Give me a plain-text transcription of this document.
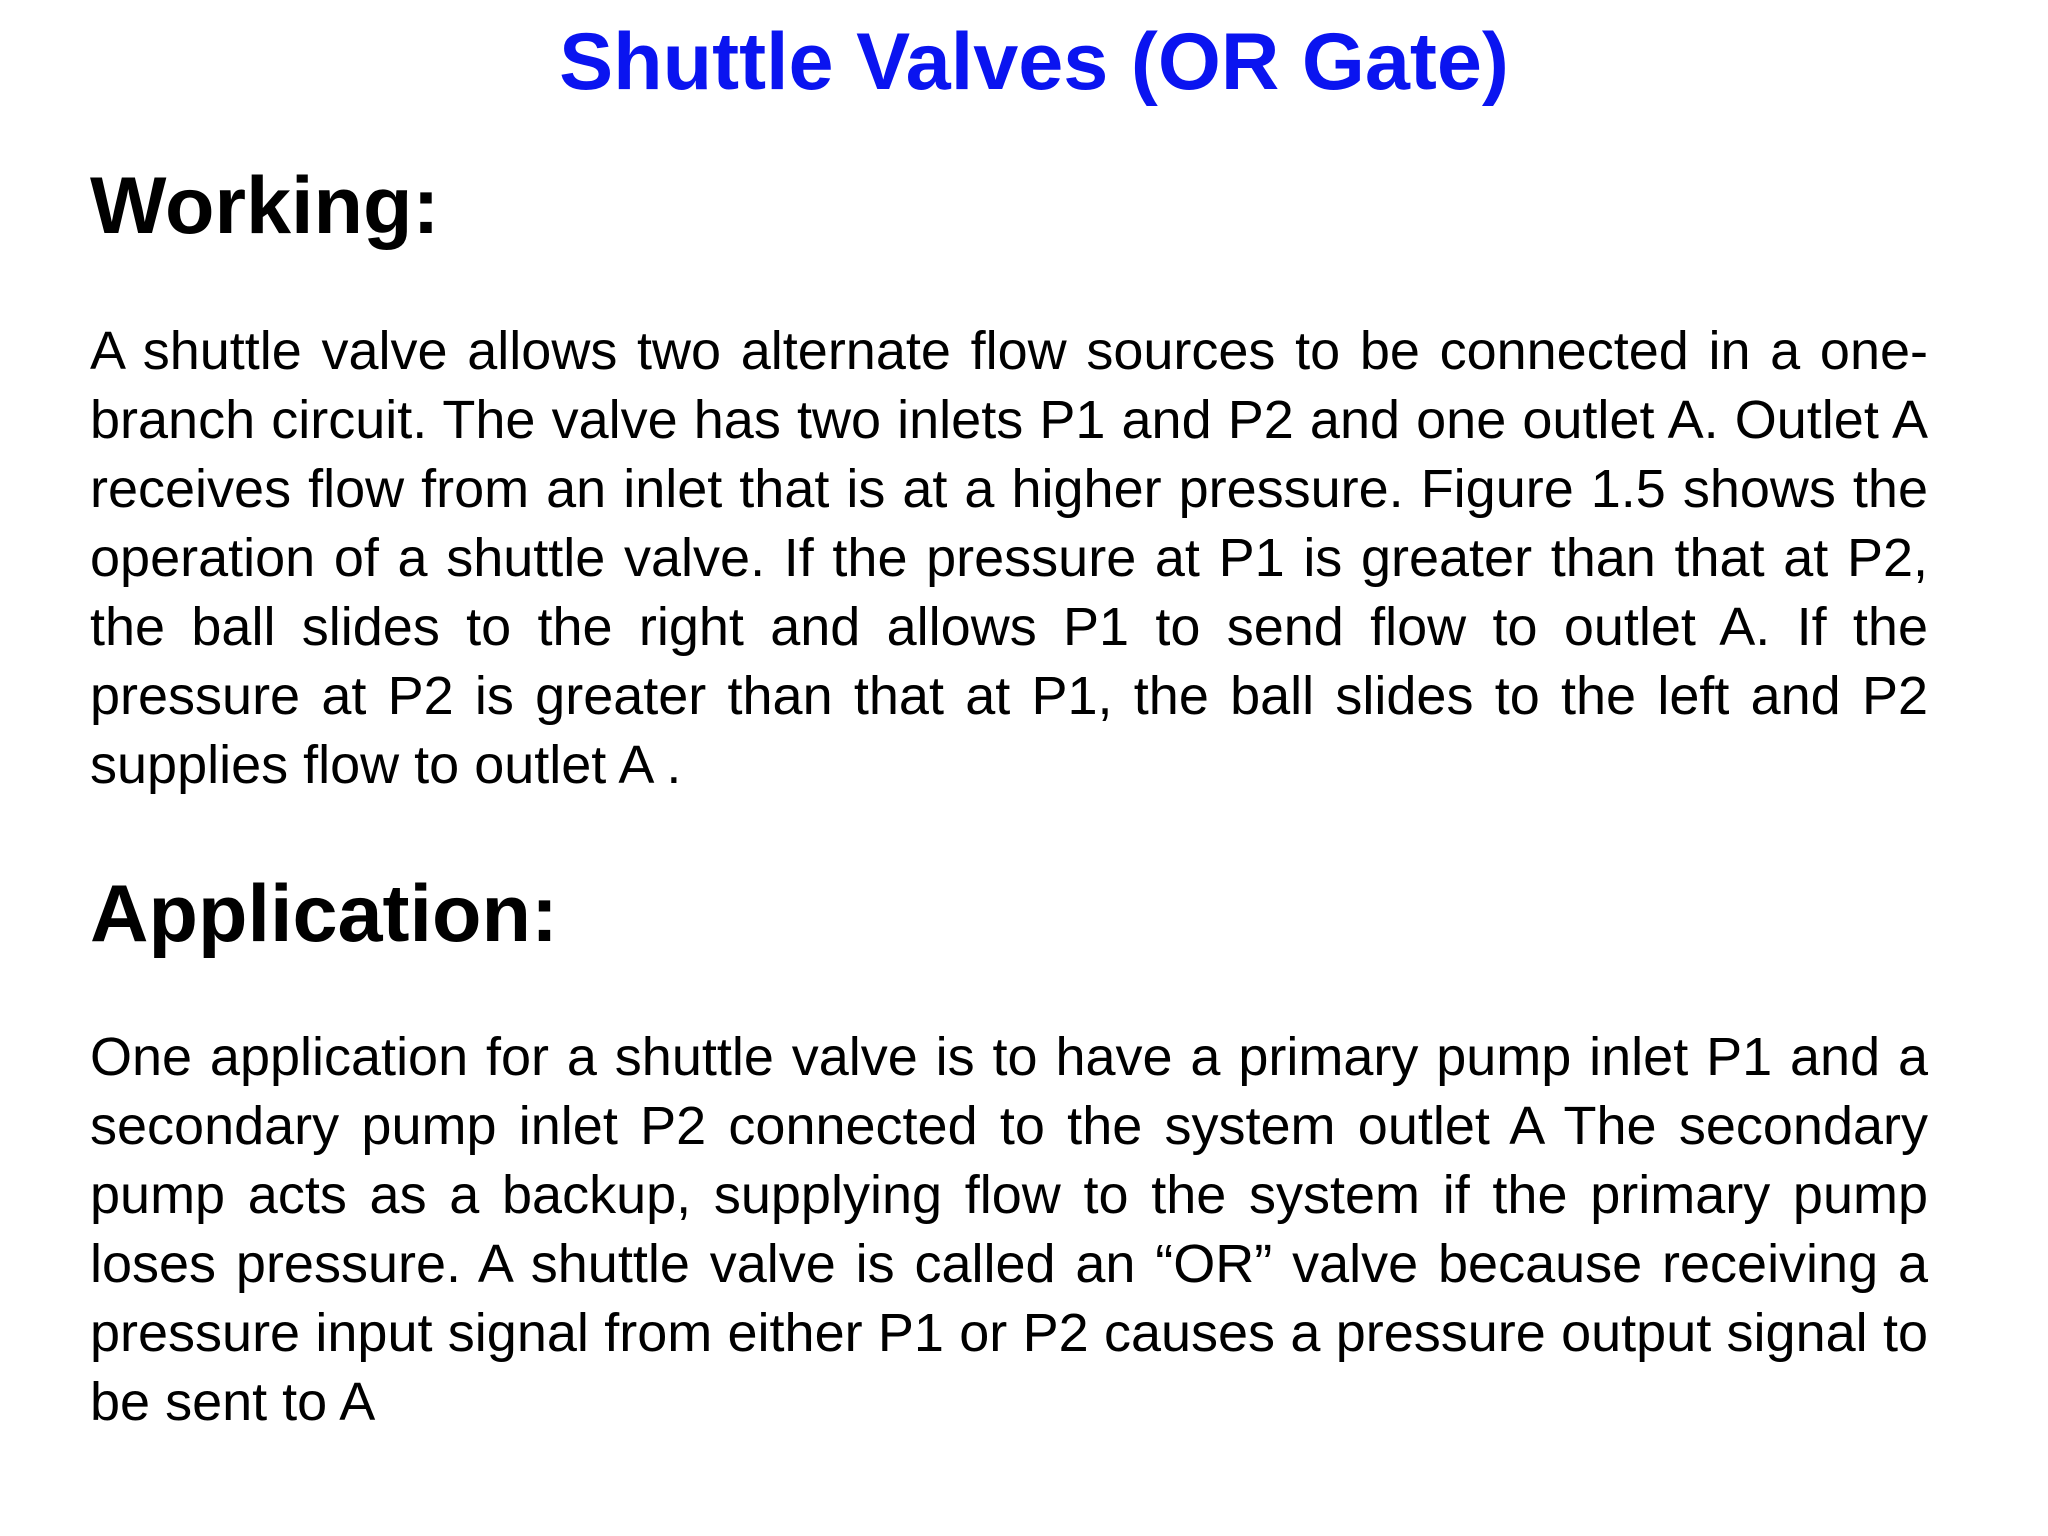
Shuttle Valves (OR Gate)
Working:

A shuttle valve allows two alternate flow sources to be connected in a one-branch circuit. The valve has two inlets P1 and P2 and one outlet A. Outlet A receives flow from an inlet that is at a higher pressure. Figure 1.5 shows the operation of a shuttle valve. If the pressure at P1 is greater than that at P2, the ball slides to the right and allows P1 to send flow to outlet A. If the pressure at P2 is greater than that at P1, the ball slides to the left and P2 supplies flow to outlet A .

Application:

One application for a shuttle valve is to have a primary pump inlet P1 and a secondary pump inlet P2 connected to the system outlet A The secondary pump acts as a backup, supplying flow to the system if the primary pump loses pressure. A shuttle valve is called an “OR” valve because receiving a pressure input signal from either P1 or P2 causes a pressure output signal to be sent to A
